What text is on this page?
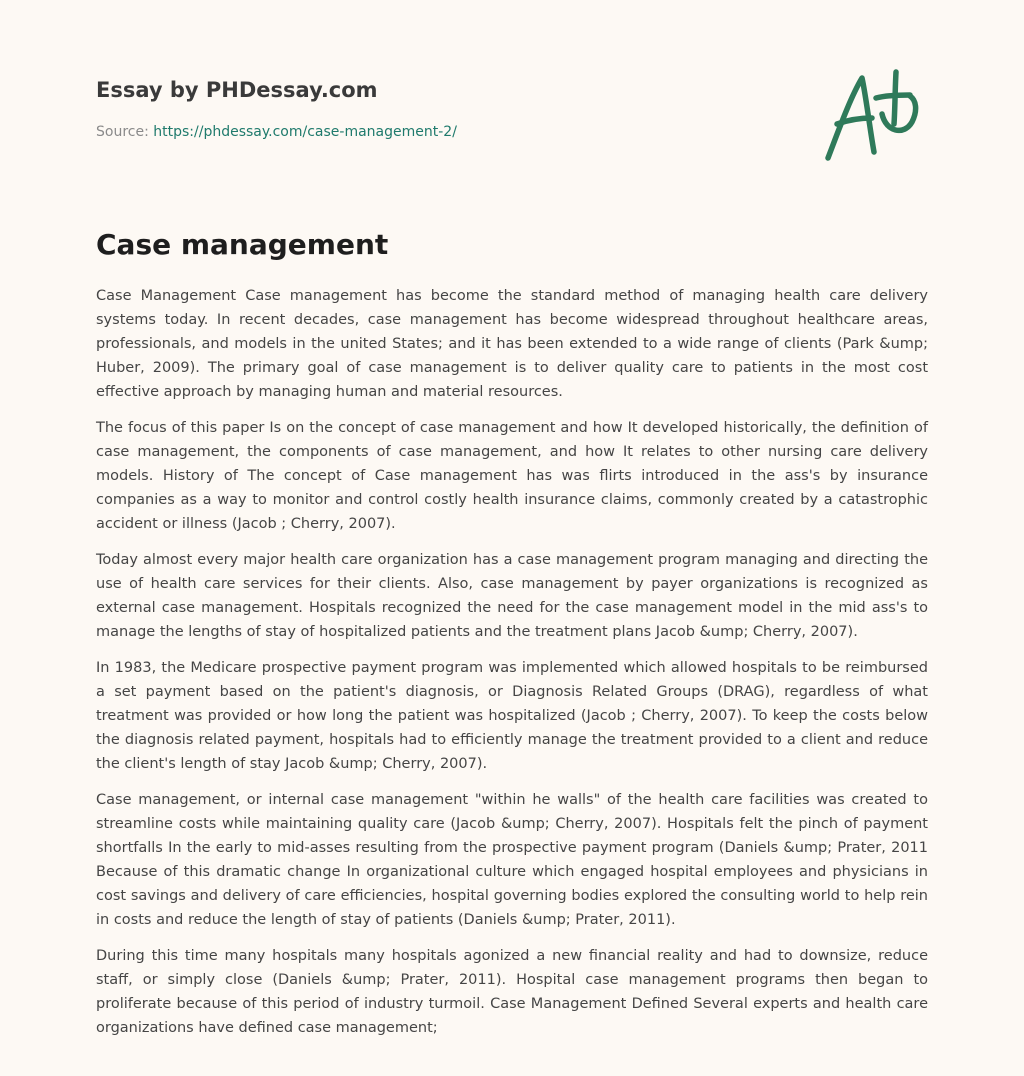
Essay by PHDessay.com
Source: https://phdessay.com/case-management-2/
Case management

Case Management Case management has become the standard method of managing health care delivery systems today. In recent decades, case management has become widespread throughout healthcare areas, professionals, and models in the united States; and it has been extended to a wide range of clients (Park &ump; Huber, 2009). The primary goal of case management is to deliver quality care to patients in the most cost effective approach by managing human and material resources.

The focus of this paper Is on the concept of case management and how It developed historically, the definition of case management, the components of case management, and how It relates to other nursing care delivery models. History of The concept of Case management has was flirts introduced in the ass's by insurance companies as a way to monitor and control costly health insurance claims, commonly created by a catastrophic accident or illness (Jacob ; Cherry, 2007).

Today almost every major health care organization has a case management program managing and directing the use of health care services for their clients. Also, case management by payer organizations is recognized as external case management. Hospitals recognized the need for the case management model in the mid ass's to manage the lengths of stay of hospitalized patients and the treatment plans Jacob &ump; Cherry, 2007).

In 1983, the Medicare prospective payment program was implemented which allowed hospitals to be reimbursed a set payment based on the patient's diagnosis, or Diagnosis Related Groups (DRAG), regardless of what treatment was provided or how long the patient was hospitalized (Jacob ; Cherry, 2007). To keep the costs below the diagnosis related payment, hospitals had to efficiently manage the treatment provided to a client and reduce the client's length of stay Jacob &ump; Cherry, 2007).

Case management, or internal case management "within he walls" of the health care facilities was created to streamline costs while maintaining quality care (Jacob &ump; Cherry, 2007). Hospitals felt the pinch of payment shortfalls In the early to mid-asses resulting from the prospective payment program (Daniels &ump; Prater, 2011 Because of this dramatic change In organizational culture which engaged hospital employees and physicians in cost savings and delivery of care efficiencies, hospital governing bodies explored the consulting world to help rein in costs and reduce the length of stay of patients (Daniels &ump; Prater, 2011).

During this time many hospitals many hospitals agonized a new financial reality and had to downsize, reduce staff, or simply close (Daniels &ump; Prater, 2011). Hospital case management programs then began to proliferate because of this period of industry turmoil. Case Management Defined Several experts and health care organizations have defined case management;
